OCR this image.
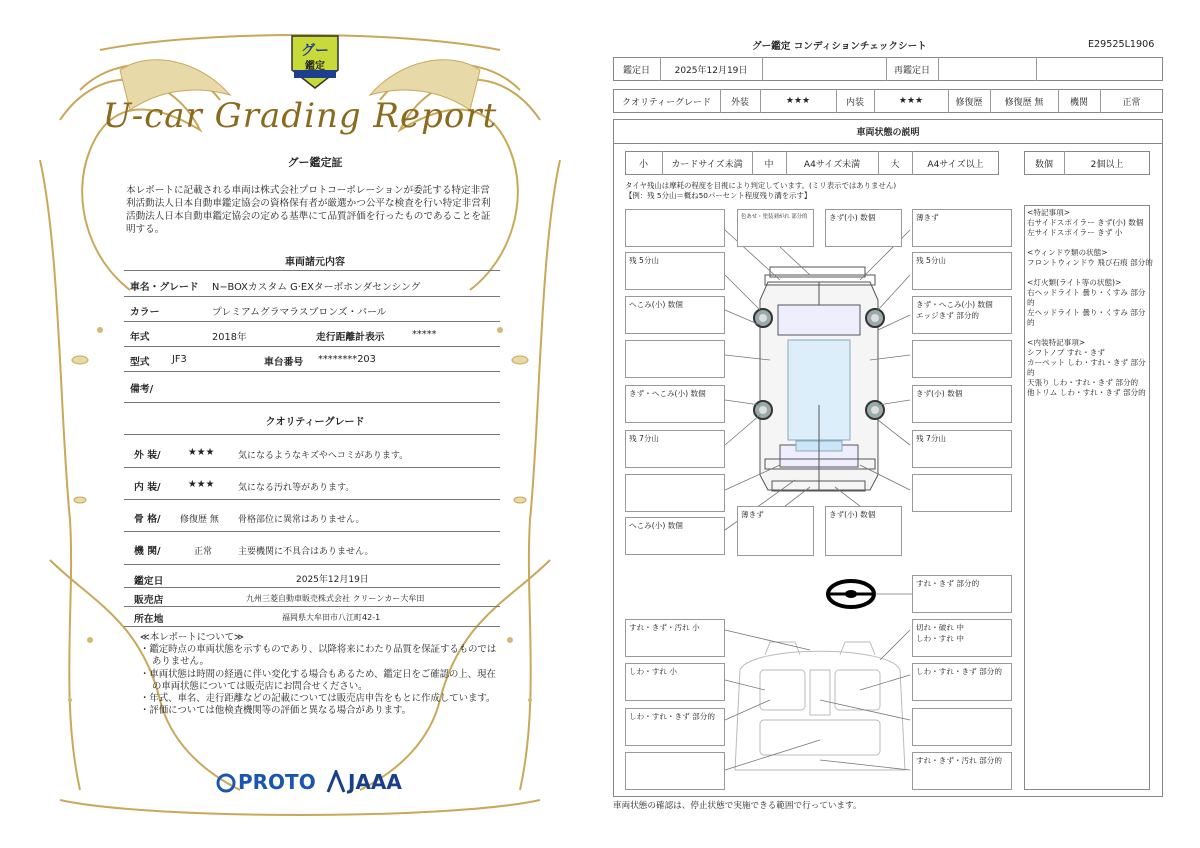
グー
鑑定
U-car Grading Report
グー鑑定証
本レポートに記載される車両は株式会社プロトコーポレーションが委託する特定非営利活動法人日本自動車鑑定協会の資格保有者が厳選かつ公平な検査を行い特定非営利活動法人日本自動車鑑定協会の定める基準にて品質評価を行ったものであることを証明する。
車両諸元内容
車名・グレード N−BOXカスタム G·EXターボホンダセンシング
カラー	プレミアムグラマラスブロンズ・パール
年式	2018年	走行距離計表示	*****
型式 JF3	車台番号 ********203
備考/
クオリティーグレード
外 装/	★★★	気になるようなキズやへコミがあります。
内 装/	★★★	気になる汚れ等があります。
骨 格/ 修復歴 無 骨格部位に異常はありません。
機 関/	正常	主要機関に不具合はありません。
鑑定日	2025年12月19日
販売店	九州三菱自動車販売株式会社 クリーンカー大牟田
所在地	福岡県大牟田市八江町42-1
≪本レポートについて≫
・鑑定時点の車両状態を示すものであり、以降将来にわたり品質を保証するものではありません。
・車両状態は時間の経過に伴い変化する場合もあるため、鑑定日をご確認の上、現在の車両状態については販売店にお問合せください。
・年式、車名、走行距離などの記載については販売店申告をもとに作成しています。
・評価については他検査機関等の評価と異なる場合があります。
PROTO JAAA
グー鑑定 コンディションチェックシート	E29525L1906
鑑定日	2025年12月19日	再鑑定日
クオリティーグレード	外装	★★★	内装	★★★	修復歴	修復歴 無	機関	正常
車両状態の説明
小	カードサイズ未満	中	A4サイズ未満	大	A4サイズ以上	数個	2個以上
タイヤ残山は摩耗の程度を目視により判定しています。(ミリ表示ではありません)
【例：残 5分山＝概ね50パーセント程度残り溝を示す】
色あせ・塗装剥がれ 部分的	きず(小) 数個	薄きず
残 5分山	残 5分山
へこみ(小) 数個	きず・へこみ(小) 数個
エッジきず 部分的
きず・へこみ(小) 数個	きず(小) 数個
残 7分山	残 7分山
へこみ(小) 数個
薄きず	きず(小) 数個
すれ・きず 部分的
すれ・きず・汚れ 小	切れ・破れ 中
しわ・すれ 中
しわ・すれ 小	しわ・すれ・きず 部分的
しわ・すれ・きず 部分的
すれ・きず・汚れ 部分的
<特記事項>
右サイドスポイラー きず(小) 数個
左サイドスポイラー きず 小
<ウィンドウ類の状態>
フロントウィンドウ 飛び石痕 部分的
<灯火類(ライト等の状態)>
右ヘッドライト 曇り・くすみ 部分的
左ヘッドライト 曇り・くすみ 部分的
<内装特記事項>
シフトノブ すれ・きず
カーペット しわ・すれ・きず 部分的
天張り しわ・すれ・きず 部分的
他トリム しわ・すれ・きず 部分的
車両状態の確認は、停止状態で実施できる範囲で行っています。
